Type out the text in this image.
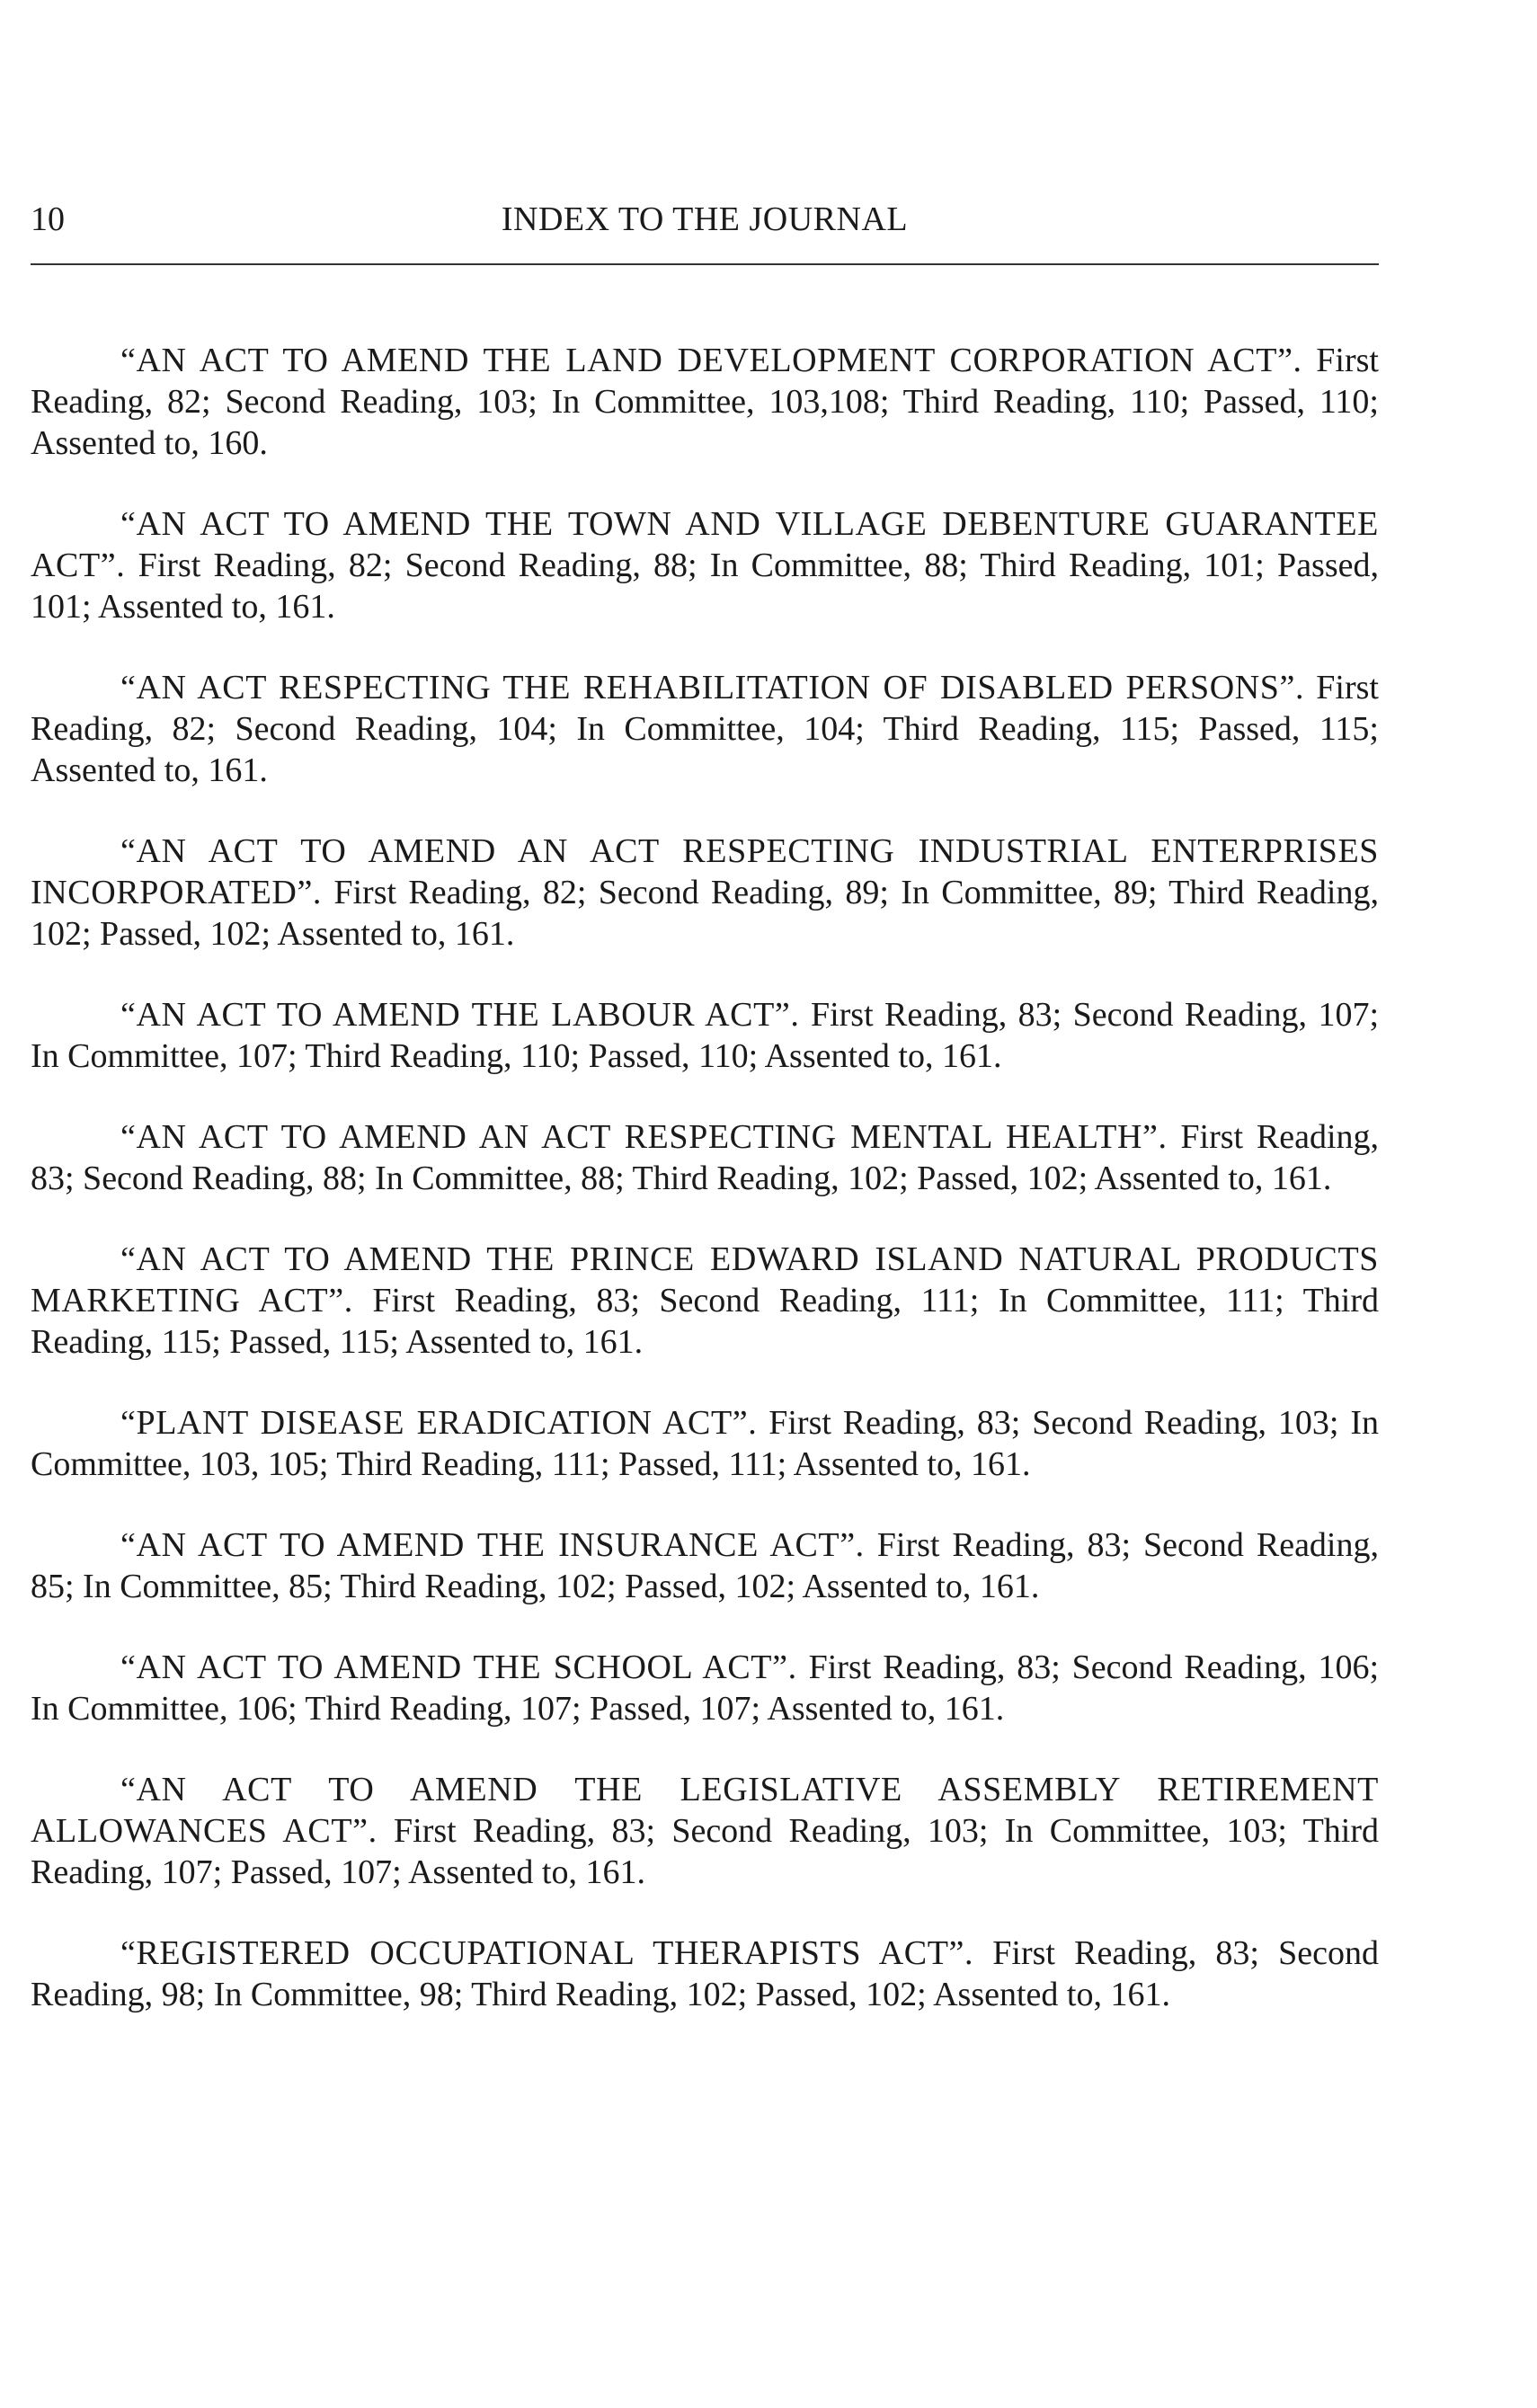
10	INDEX TO THE JOURNAL

“AN ACT TO AMEND THE LAND DEVELOPMENT CORPORATION ACT”. First Reading, 82; Second Reading, 103; In Committee, 103,108; Third Reading, 110; Passed, 110; Assented to, 160.

“AN ACT TO AMEND THE TOWN AND VILLAGE DEBENTURE GUARANTEE ACT”. First Reading, 82; Second Reading, 88; In Committee, 88; Third Reading, 101; Passed, 101; Assented to, 161.

“AN ACT RESPECTING THE REHABILITATION OF DISABLED PERSONS”. First Reading, 82; Second Reading, 104; In Committee, 104; Third Reading, 115; Passed, 115; Assented to, 161.

“AN ACT TO AMEND AN ACT RESPECTING INDUSTRIAL ENTERPRISES INCORPORATED”. First Reading, 82; Second Reading, 89; In Committee, 89; Third Reading, 102; Passed, 102; Assented to, 161.

“AN ACT TO AMEND THE LABOUR ACT”. First Reading, 83; Second Reading, 107; In Committee, 107; Third Reading, 110; Passed, 110; Assented to, 161.

“AN ACT TO AMEND AN ACT RESPECTING MENTAL HEALTH”. First Reading, 83; Second Reading, 88; In Committee, 88; Third Reading, 102; Passed, 102; Assented to, 161.

“AN ACT TO AMEND THE PRINCE EDWARD ISLAND NATURAL PRODUCTS MARKETING ACT”. First Reading, 83; Second Reading, 111; In Committee, 111; Third Reading, 115; Passed, 115; Assented to, 161.

“PLANT DISEASE ERADICATION ACT”. First Reading, 83; Second Reading, 103; In Committee, 103, 105; Third Reading, 111; Passed, 111; Assented to, 161.

“AN ACT TO AMEND THE INSURANCE ACT”. First Reading, 83; Second Reading, 85; In Committee, 85; Third Reading, 102; Passed, 102; Assented to, 161.

“AN ACT TO AMEND THE SCHOOL ACT”. First Reading, 83; Second Reading, 106; In Committee, 106; Third Reading, 107; Passed, 107; Assented to, 161.

“AN ACT TO AMEND THE LEGISLATIVE ASSEMBLY RETIREMENT ALLOWANCES ACT”. First Reading, 83; Second Reading, 103; In Committee, 103; Third Reading, 107; Passed, 107; Assented to, 161.

“REGISTERED OCCUPATIONAL THERAPISTS ACT”. First Reading, 83; Second Reading, 98; In Committee, 98; Third Reading, 102; Passed, 102; Assented to, 161.
